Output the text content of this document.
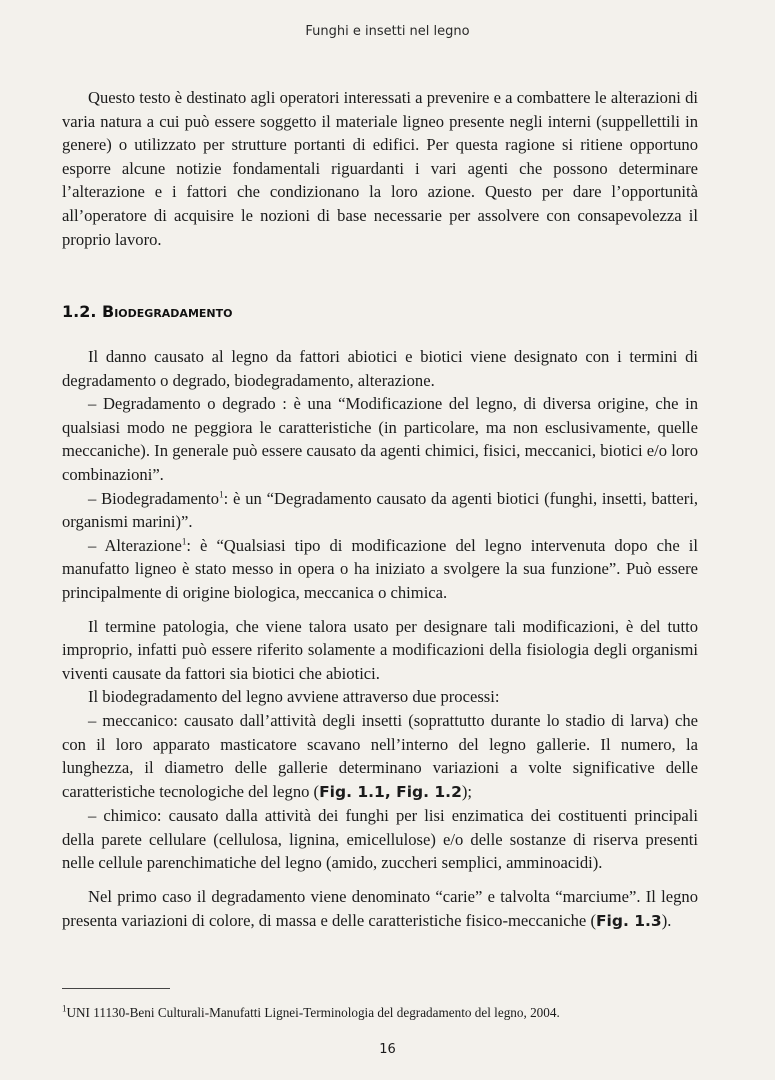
Funghi e insetti nel legno

Questo testo è destinato agli operatori interessati a prevenire e a combattere le alterazioni di varia natura a cui può essere soggetto il materiale ligneo presente negli interni (suppellettili in genere) o utilizzato per strutture portanti di edifici. Per questa ragione si ritiene opportuno esporre alcune notizie fondamentali riguardanti i vari agenti che possono determinare l’alterazione e i fattori che condizionano la loro azione. Questo per dare l’opportunità all’operatore di acquisire le nozioni di base necessarie per assolvere con consapevolezza il proprio lavoro.

1.2. Biodegradamento

Il danno causato al legno da fattori abiotici e biotici viene designato con i termini di degradamento o degrado, biodegradamento, alterazione.

– Degradamento o degrado : è una “Modificazione del legno, di diversa origine, che in qualsiasi modo ne peggiora le caratteristiche (in particolare, ma non esclusivamente, quelle meccaniche). In generale può essere causato da agenti chimici, fisici, meccanici, biotici e/o loro combinazioni”.

– Biodegradamento$^1$: è un “Degradamento causato da agenti biotici (funghi, insetti, batteri, organismi marini)”.

– Alterazione$^1$: è “Qualsiasi tipo di modificazione del legno intervenuta dopo che il manufatto ligneo è stato messo in opera o ha iniziato a svolgere la sua funzione”. Può essere principalmente di origine biologica, meccanica o chimica.

Il termine patologia, che viene talora usato per designare tali modificazioni, è del tutto improprio, infatti può essere riferito solamente a modificazioni della fisiologia degli organismi viventi causate da fattori sia biotici che abiotici.

Il biodegradamento del legno avviene attraverso due processi:

– meccanico: causato dall’attività degli insetti (soprattutto durante lo stadio di larva) che con il loro apparato masticatore scavano nell’interno del legno gallerie. Il numero, la lunghezza, il diametro delle gallerie determinano variazioni a volte significative delle caratteristiche tecnologiche del legno (Fig. 1.1, Fig. 1.2);

– chimico: causato dalla attività dei funghi per lisi enzimatica dei costituenti principali della parete cellulare (cellulosa, lignina, emicellulose) e/o delle sostanze di riserva presenti nelle cellule parenchimatiche del legno (amido, zuccheri semplici, amminoacidi).

Nel primo caso il degradamento viene denominato “carie” e talvolta “marciume”. Il legno presenta variazioni di colore, di massa e delle caratteristiche fisico-meccaniche (Fig. 1.3).

$^1$UNI 11130-Beni Culturali-Manufatti Lignei-Terminologia del degradamento del legno, 2004.
16
